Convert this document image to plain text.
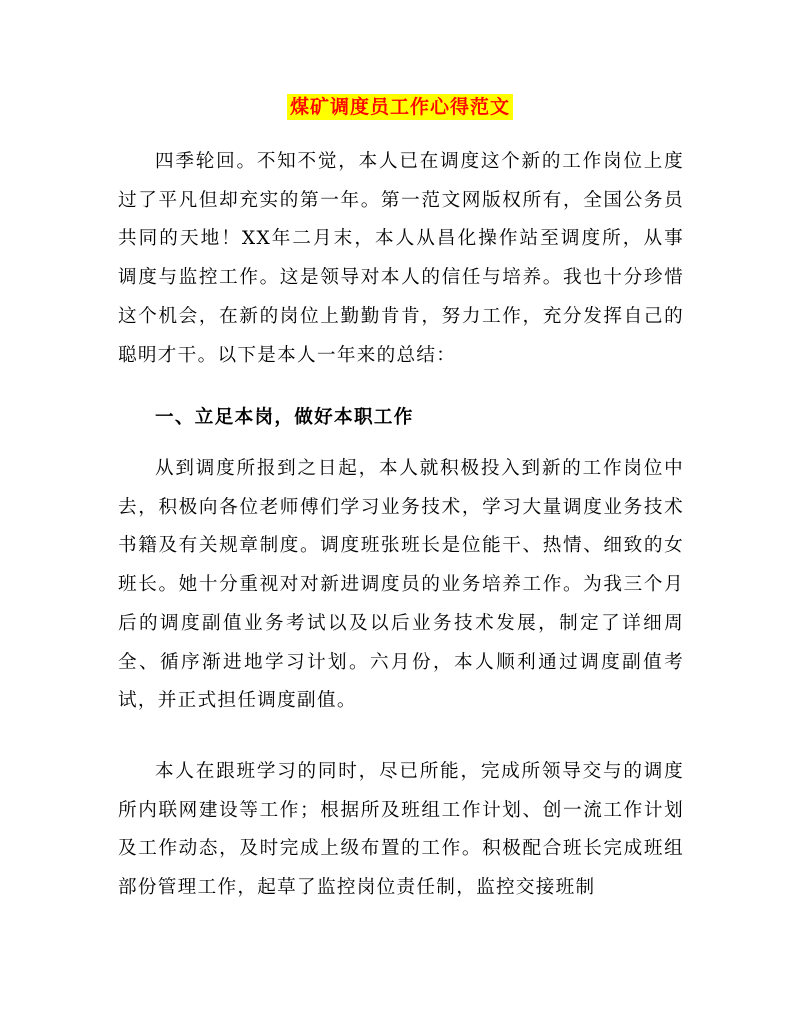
煤矿调度员工作心得范文

四季轮回。不知不觉，本人已在调度这个新的工作岗位上度过了平凡但却充实的第一年。第一范文网版权所有，全国公务员共同的天地！XX年二月末，本人从昌化操作站至调度所，从事调度与监控工作。这是领导对本人的信任与培养。我也十分珍惜这个机会，在新的岗位上勤勤肯肯，努力工作，充分发挥自己的聪明才干。以下是本人一年来的总结：

一、立足本岗，做好本职工作

从到调度所报到之日起，本人就积极投入到新的工作岗位中去，积极向各位老师傅们学习业务技术，学习大量调度业务技术书籍及有关规章制度。调度班张班长是位能干、热情、细致的女班长。她十分重视对对新进调度员的业务培养工作。为我三个月后的调度副值业务考试以及以后业务技术发展，制定了详细周全、循序渐进地学习计划。六月份，本人顺利通过调度副值考试，并正式担任调度副值。

本人在跟班学习的同时，尽已所能，完成所领导交与的调度所内联网建设等工作；根据所及班组工作计划、创一流工作计划及工作动态，及时完成上级布置的工作。积极配合班长完成班组部份管理工作，起草了监控岗位责任制，监控交接班制
